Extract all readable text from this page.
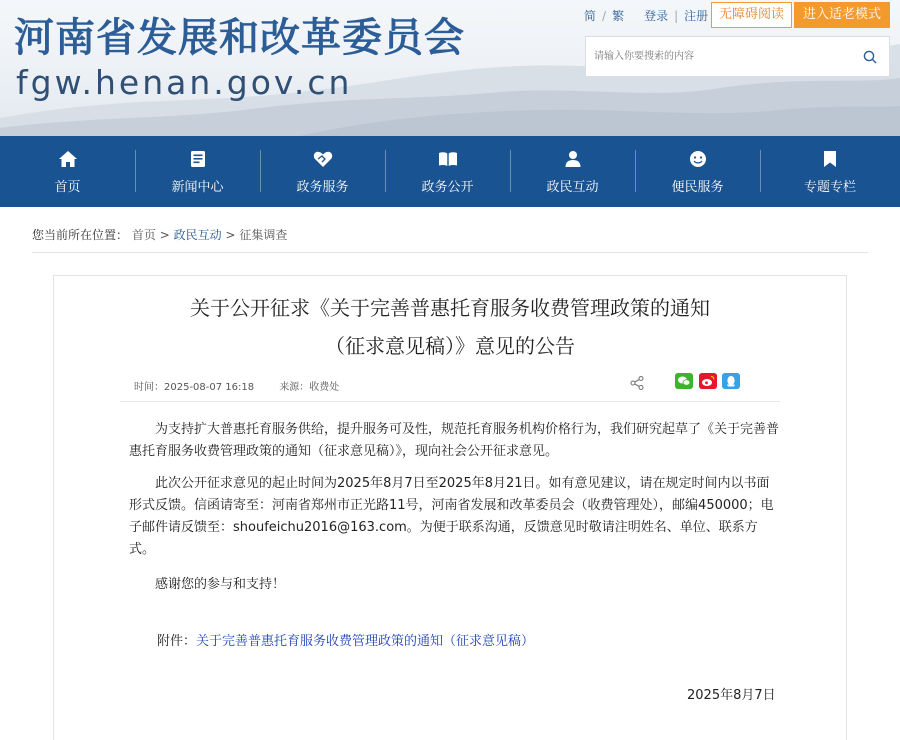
河南省发展和改革委员会
fgw.henan.gov.cn
简 / 繁 登录 | 注册 无障碍阅读	进入适老模式
请输入你要搜索的内容
首页	新闻中心	政务服务	政务公开	政民互动	便民服务	专题专栏
您当前所在位置： 首页 > 政民互动 > 征集调查
关于公开征求《关于完善普惠托育服务收费管理政策的通知
（征求意见稿）》意见的公告
时间：2025-08-07 16:18	来源：收费处
为支持扩大普惠托育服务供给，提升服务可及性，规范托育服务机构价格行为，我们研究起草了《关于完善普惠托育服务收费管理政策的通知（征求意见稿）》，现向社会公开征求意见。
此次公开征求意见的起止时间为2025年8月7日至2025年8月21日。如有意见建议，请在规定时间内以书面形式反馈。信函请寄至：河南省郑州市正光路11号，河南省发展和改革委员会（收费管理处），邮编450000；电子邮件请反馈至：shoufeichu2016@163.com。为便于联系沟通，反馈意见时敬请注明姓名、单位、联系方式。
感谢您的参与和支持！
附件：关于完善普惠托育服务收费管理政策的通知（征求意见稿）
2025年8月7日
